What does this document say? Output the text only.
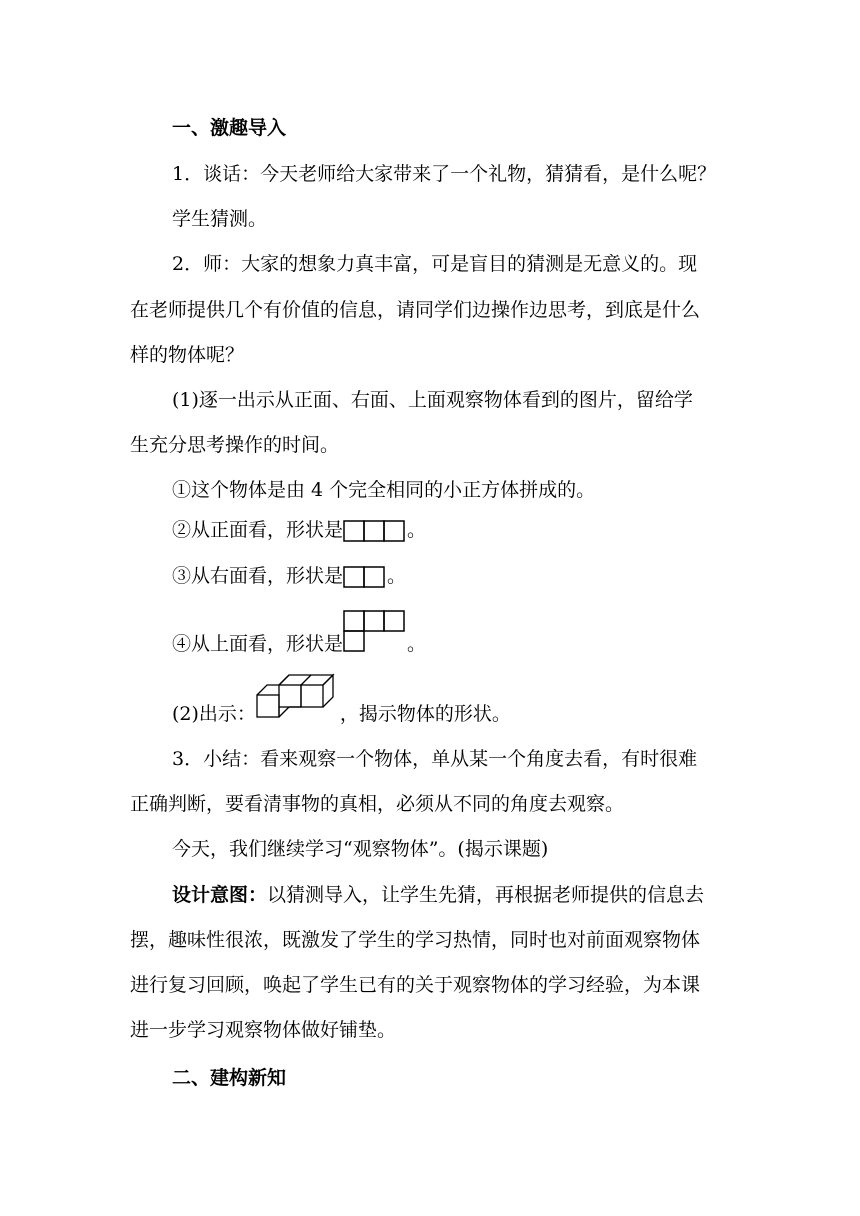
一、激趣导入
1．谈话：今天老师给大家带来了一个礼物，猜猜看，是什么呢？
学生猜测。
2．师：大家的想象力真丰富，可是盲目的猜测是无意义的。现
在老师提供几个有价值的信息，请同学们边操作边思考，到底是什么
样的物体呢？
(1)逐一出示从正面、右面、上面观察物体看到的图片，留给学
生充分思考操作的时间。
①这个物体是由 4 个完全相同的小正方体拼成的。
②从正面看，形状是	。
③从右面看，形状是 。
④从上面看，形状是	。
(2)出示：	，揭示物体的形状。
3．小结：看来观察一个物体，单从某一个角度去看，有时很难
正确判断，要看清事物的真相，必须从不同的角度去观察。
今天，我们继续学习“观察物体”。(揭示课题)
设计意图：以猜测导入，让学生先猜，再根据老师提供的信息去
摆，趣味性很浓，既激发了学生的学习热情，同时也对前面观察物体
进行复习回顾，唤起了学生已有的关于观察物体的学习经验，为本课
进一步学习观察物体做好铺垫。
二、建构新知
